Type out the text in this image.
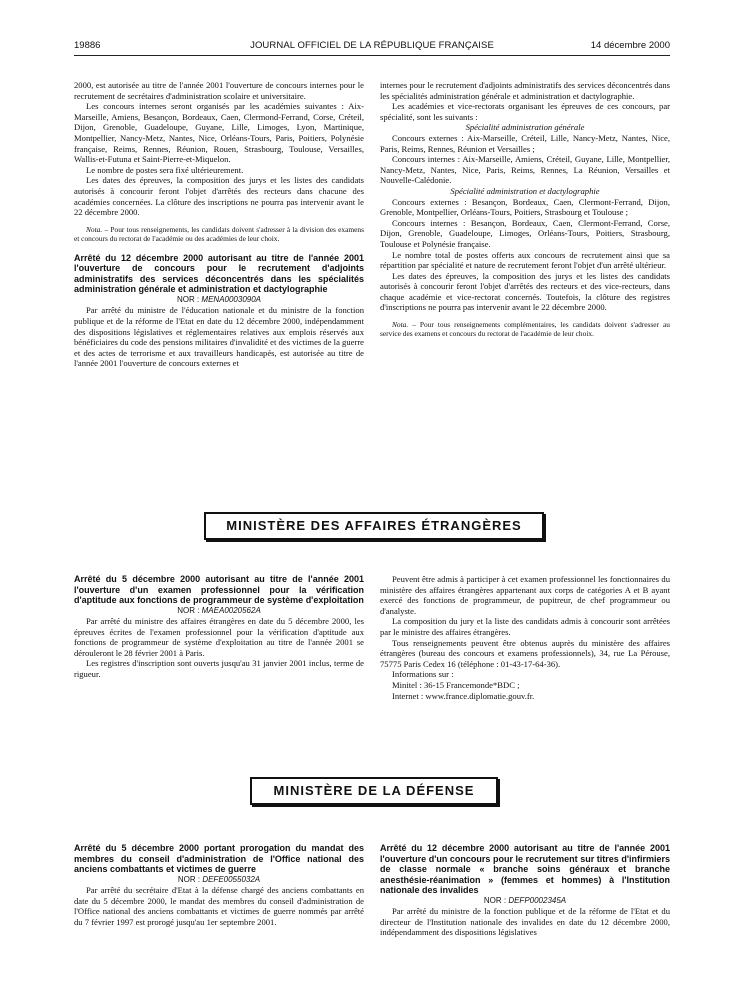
19886	JOURNAL OFFICIEL DE LA RÉPUBLIQUE FRANÇAISE	14 décembre 2000

2000, est autorisée au titre de l'année 2001 l'ouverture de concours internes pour le recrutement de secrétaires d'administration scolaire et universitaire.

Les concours internes seront organisés par les académies suivantes : Aix-Marseille, Amiens, Besançon, Bordeaux, Caen, Clermond-Ferrand, Corse, Créteil, Dijon, Grenoble, Guadeloupe, Guyane, Lille, Limoges, Lyon, Martinique, Montpellier, Nancy-Metz, Nantes, Nice, Orléans-Tours, Paris, Poitiers, Polynésie française, Reims, Rennes, Réunion, Rouen, Strasbourg, Toulouse, Versailles, Wallis-et-Futuna et Saint-Pierre-et-Miquelon.

Le nombre de postes sera fixé ultérieurement.

Les dates des épreuves, la composition des jurys et les listes des candidats autorisés à concourir feront l'objet d'arrêtés des recteurs dans chacune des académies concernées. La clôture des inscriptions ne pourra pas intervenir avant le 22 décembre 2000.

Nota. – Pour tous renseignements, les candidats doivent s'adresser à la division des examens et concours du rectorat de l'académie ou des académies de leur choix.

Arrêté du 12 décembre 2000 autorisant au titre de l'année 2001 l'ouverture de concours pour le recrutement d'adjoints administratifs des services déconcentrés dans les spécialités administration générale et administration et dactylographie

NOR : MENA0003090A

Par arrêté du ministre de l'éducation nationale et du ministre de la fonction publique et de la réforme de l'Etat en date du 12 décembre 2000, indépendamment des dispositions législatives et réglementaires relatives aux emplois réservés aux bénéficiaires du code des pensions militaires d'invalidité et des victimes de la guerre et des actes de terrorisme et aux travailleurs handicapés, est autorisée au titre de l'année 2001 l'ouverture de concours externes et

internes pour le recrutement d'adjoints administratifs des services déconcentrés dans les spécialités administration générale et administration et dactylographie.

Les académies et vice-rectorats organisant les épreuves de ces concours, par spécialité, sont les suivants :

Spécialité administration générale

Concours externes : Aix-Marseille, Créteil, Lille, Nancy-Metz, Nantes, Nice, Paris, Reims, Rennes, Réunion et Versailles ;

Concours internes : Aix-Marseille, Amiens, Créteil, Guyane, Lille, Montpellier, Nancy-Metz, Nantes, Nice, Paris, Reims, Rennes, La Réunion, Versailles et Nouvelle-Calédonie.

Spécialité administration et dactylographie

Concours externes : Besançon, Bordeaux, Caen, Clermont-Ferrand, Dijon, Grenoble, Montpellier, Orléans-Tours, Poitiers, Strasbourg et Toulouse ;

Concours internes : Besançon, Bordeaux, Caen, Clermont-Ferrand, Corse, Dijon, Grenoble, Guadeloupe, Limoges, Orléans-Tours, Poitiers, Strasbourg, Toulouse et Polynésie française.

Le nombre total de postes offerts aux concours de recrutement ainsi que sa répartition par spécialité et nature de recrutement feront l'objet d'un arrêté ultérieur.

Les dates des épreuves, la composition des jurys et les listes des candidats autorisés à concourir feront l'objet d'arrêtés des recteurs et des vice-recteurs, dans chaque académie et vice-rectorat concernés. Toutefois, la clôture des registres d'inscriptions ne pourra pas intervenir avant le 22 décembre 2000.

Nota. – Pour tous renseignements complémentaires, les candidats doivent s'adresser au service des examens et concours du rectorat de l'académie de leur choix.

MINISTÈRE DES AFFAIRES ÉTRANGÈRES

Arrêté du 5 décembre 2000 autorisant au titre de l'année 2001 l'ouverture d'un examen professionnel pour la vérification d'aptitude aux fonctions de programmeur de système d'exploitation

NOR : MAEA0020562A

Par arrêté du ministre des affaires étrangères en date du 5 décembre 2000, les épreuves écrites de l'examen professionnel pour la vérification d'aptitude aux fonctions de programmeur de système d'exploitation au titre de l'année 2001 se dérouleront le 28 février 2001 à Paris.

Les registres d'inscription sont ouverts jusqu'au 31 janvier 2001 inclus, terme de rigueur.

Peuvent être admis à participer à cet examen professionnel les fonctionnaires du ministère des affaires étrangères appartenant aux corps de catégories A et B ayant exercé des fonctions de programmeur, de pupitreur, de chef programmeur ou d'analyste.

La composition du jury et la liste des candidats admis à concourir sont arrêtées par le ministre des affaires étrangères.

Tous renseignements peuvent être obtenus auprès du ministère des affaires étrangères (bureau des concours et examens professionnels), 34, rue La Pérouse, 75775 Paris Cedex 16 (téléphone : 01-43-17-64-36).

Informations sur :

Minitel : 36-15 Francemonde*BDC ;

Internet : www.france.diplomatie.gouv.fr.

MINISTÈRE DE LA DÉFENSE

Arrêté du 5 décembre 2000 portant prorogation du mandat des membres du conseil d'administration de l'Office national des anciens combattants et victimes de guerre

NOR : DEFE0055032A

Par arrêté du secrétaire d'Etat à la défense chargé des anciens combattants en date du 5 décembre 2000, le mandat des membres du conseil d'administration de l'Office national des anciens combattants et victimes de guerre nommés par arrêté du 7 février 1997 est prorogé jusqu'au 1er septembre 2001.

Arrêté du 12 décembre 2000 autorisant au titre de l'année 2001 l'ouverture d'un concours pour le recrutement sur titres d'infirmiers de classe normale « branche soins généraux et branche anesthésie-réanimation » (femmes et hommes) à l'Institution nationale des invalides

NOR : DEFP0002345A

Par arrêté du ministre de la fonction publique et de la réforme de l'Etat et du directeur de l'Institution nationale des invalides en date du 12 décembre 2000, indépendamment des dispositions législatives
